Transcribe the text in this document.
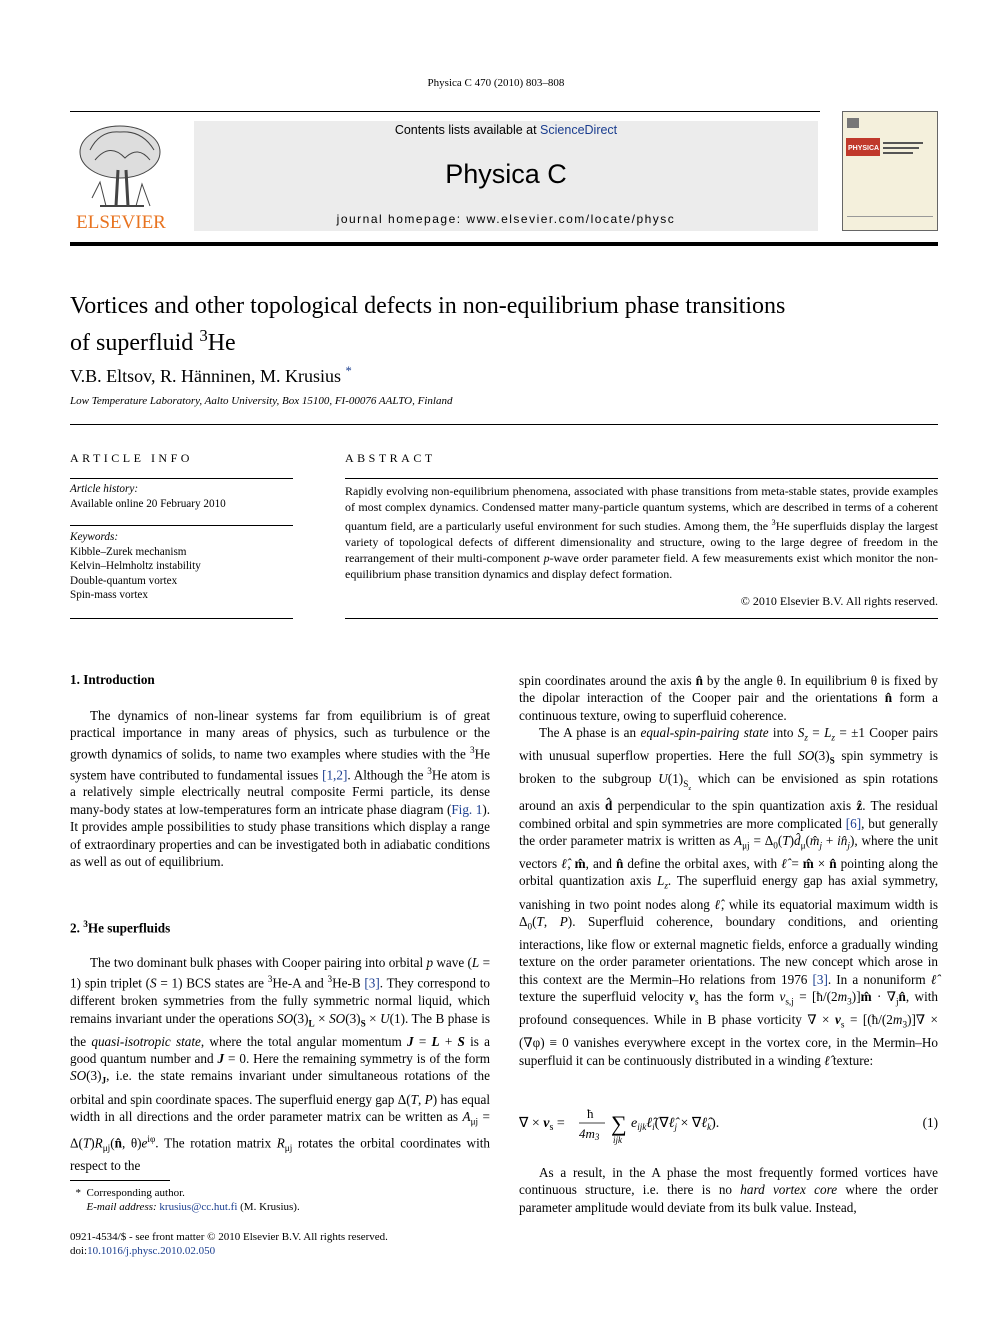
Physica C 470 (2010) 803–808
ELSEVIER
Contents lists available at ScienceDirect
Physica C
journal homepage: www.elsevier.com/locate/physc
PHYSICA
Vortices and other topological defects in non-equilibrium phase transitions
of superfluid $^3$He
V.B. Eltsov, R. Hänninen, M. Krusius *
Low Temperature Laboratory, Aalto University, Box 15100, FI-00076 AALTO, Finland
ARTICLE INFO
Article history:
Available online 20 February 2010
Keywords:
Kibble–Zurek mechanism
Kelvin–Helmholtz instability
Double-quantum vortex
Spin-mass vortex
ABSTRACT
Rapidly evolving non-equilibrium phenomena, associated with phase transitions from meta-stable states, provide examples of most complex dynamics. Condensed matter many-particle quantum systems, which are described in terms of a coherent quantum field, are a particularly useful environment for such studies. Among them, the $^3$He superfluids display the largest variety of topological defects of different dimensionality and structure, owing to the large degree of freedom in the rearrangement of their multi-component p-wave order parameter field. A few measurements exist which monitor the non-equilibrium phase transition dynamics and display defect formation.
© 2010 Elsevier B.V. All rights reserved.
1. Introduction

The dynamics of non-linear systems far from equilibrium is of great practical importance in many areas of physics, such as turbulence or the growth dynamics of solids, to name two examples where studies with the $^3$He system have contributed to fundamental issues [1,2]. Although the $^3$He atom is a relatively simple electrically neutral composite Fermi particle, its dense many-body states at low-temperatures form an intricate phase diagram (Fig. 1). It provides ample possibilities to study phase transitions which display a range of extraordinary properties and can be investigated both in adiabatic conditions as well as out of equilibrium.

2. $^3$He superfluids

The two dominant bulk phases with Cooper pairing into orbital p wave (L = 1) spin triplet (S = 1) BCS states are $^3$He-A and $^3$He-B [3]. They correspond to different broken symmetries from the fully symmetric normal liquid, which remains invariant under the operations $SO(3)_L \times SO(3)_S \times U(1)$. The B phase is the quasi-isotropic state, where the total angular momentum J = L + S is a good quantum number and J = 0. Here the remaining symmetry is of the form $SO(3)_J$, i.e. the state remains invariant under simultaneous rotations of the orbital and spin coordinate spaces. The superfluid energy gap Δ(T, P) has equal width in all directions and the order parameter matrix can be written as $A_{\mu j}$ = $\Delta(T)R_{\mu j}(n̂$, $\theta)e^{i\varphi}$. The rotation matrix $R_{\mu j}$ rotates the orbital coordinates with respect to the

spin coordinates around the axis n̂ by the angle θ. In equilibrium θ is fixed by the dipolar interaction of the Cooper pair and the orientations n̂ form a continuous texture, owing to superfluid coherence.

The A phase is an equal-spin-pairing state into $S_z = L_z = \pm 1$ Cooper pairs with unusual superflow properties. Here the full $SO(3)_S$ spin symmetry is broken to the subgroup $U(1)_{S_z}$ which can be envisioned as spin rotations around an axis d̂ perpendicular to the spin quantization axis ẑ. The residual combined orbital and spin symmetries are more complicated [6], but generally the order parameter matrix is written as $A_{\mu j}$ = $\Delta_0(T)d̂_\mu(m̂_j$ + $in̂_j$), where the unit vectors ℓ̂, m̂, and n̂ define the orbital axes, with ℓ̂ = m̂ × n̂ pointing along the orbital quantization axis $L_z$. The superfluid energy gap has axial symmetry, vanishing in two point nodes along ℓ̂, while its equatorial maximum width is $\Delta_0(T$, P). Superfluid coherence, boundary conditions, and orienting interactions, like flow or external magnetic fields, enforce a gradually winding texture on the order parameter orientations. The new concept which arose in this context are the Mermin–Ho relations from 1976 [3]. In a nonuniform ℓ̂ texture the superfluid velocity $v_s$ has the form $v_{s,j}$ = $[ħ/(2m_3)]m̂$ · $\nabla_jn̂$, with profound consequences. While in B phase vorticity ∇ × $v_s$ = [$(ħ/(2m_3)]\nabla \times (\nabla\varphi) \equiv 0$ vanishes everywhere except in the vortex core, in the Mermin–Ho superfluid it can be continuously distributed in a winding ℓ̂ texture:

∇ × $v_s$ =
ħ
4m3
∑
ijk
$e_{ijk}\ell̂_i(\nabla\ell̂_j$ × $\nabla\ell̂_k$).	(1)

As a result, in the A phase the most frequently formed vortices have continuous structure, i.e. there is no hard vortex core where the order parameter amplitude would deviate from its bulk value. Instead,

* Corresponding author.
E-mail address: krusius@cc.hut.fi (M. Krusius).
0921-4534/$ - see front matter © 2010 Elsevier B.V. All rights reserved.
doi:10.1016/j.physc.2010.02.050
